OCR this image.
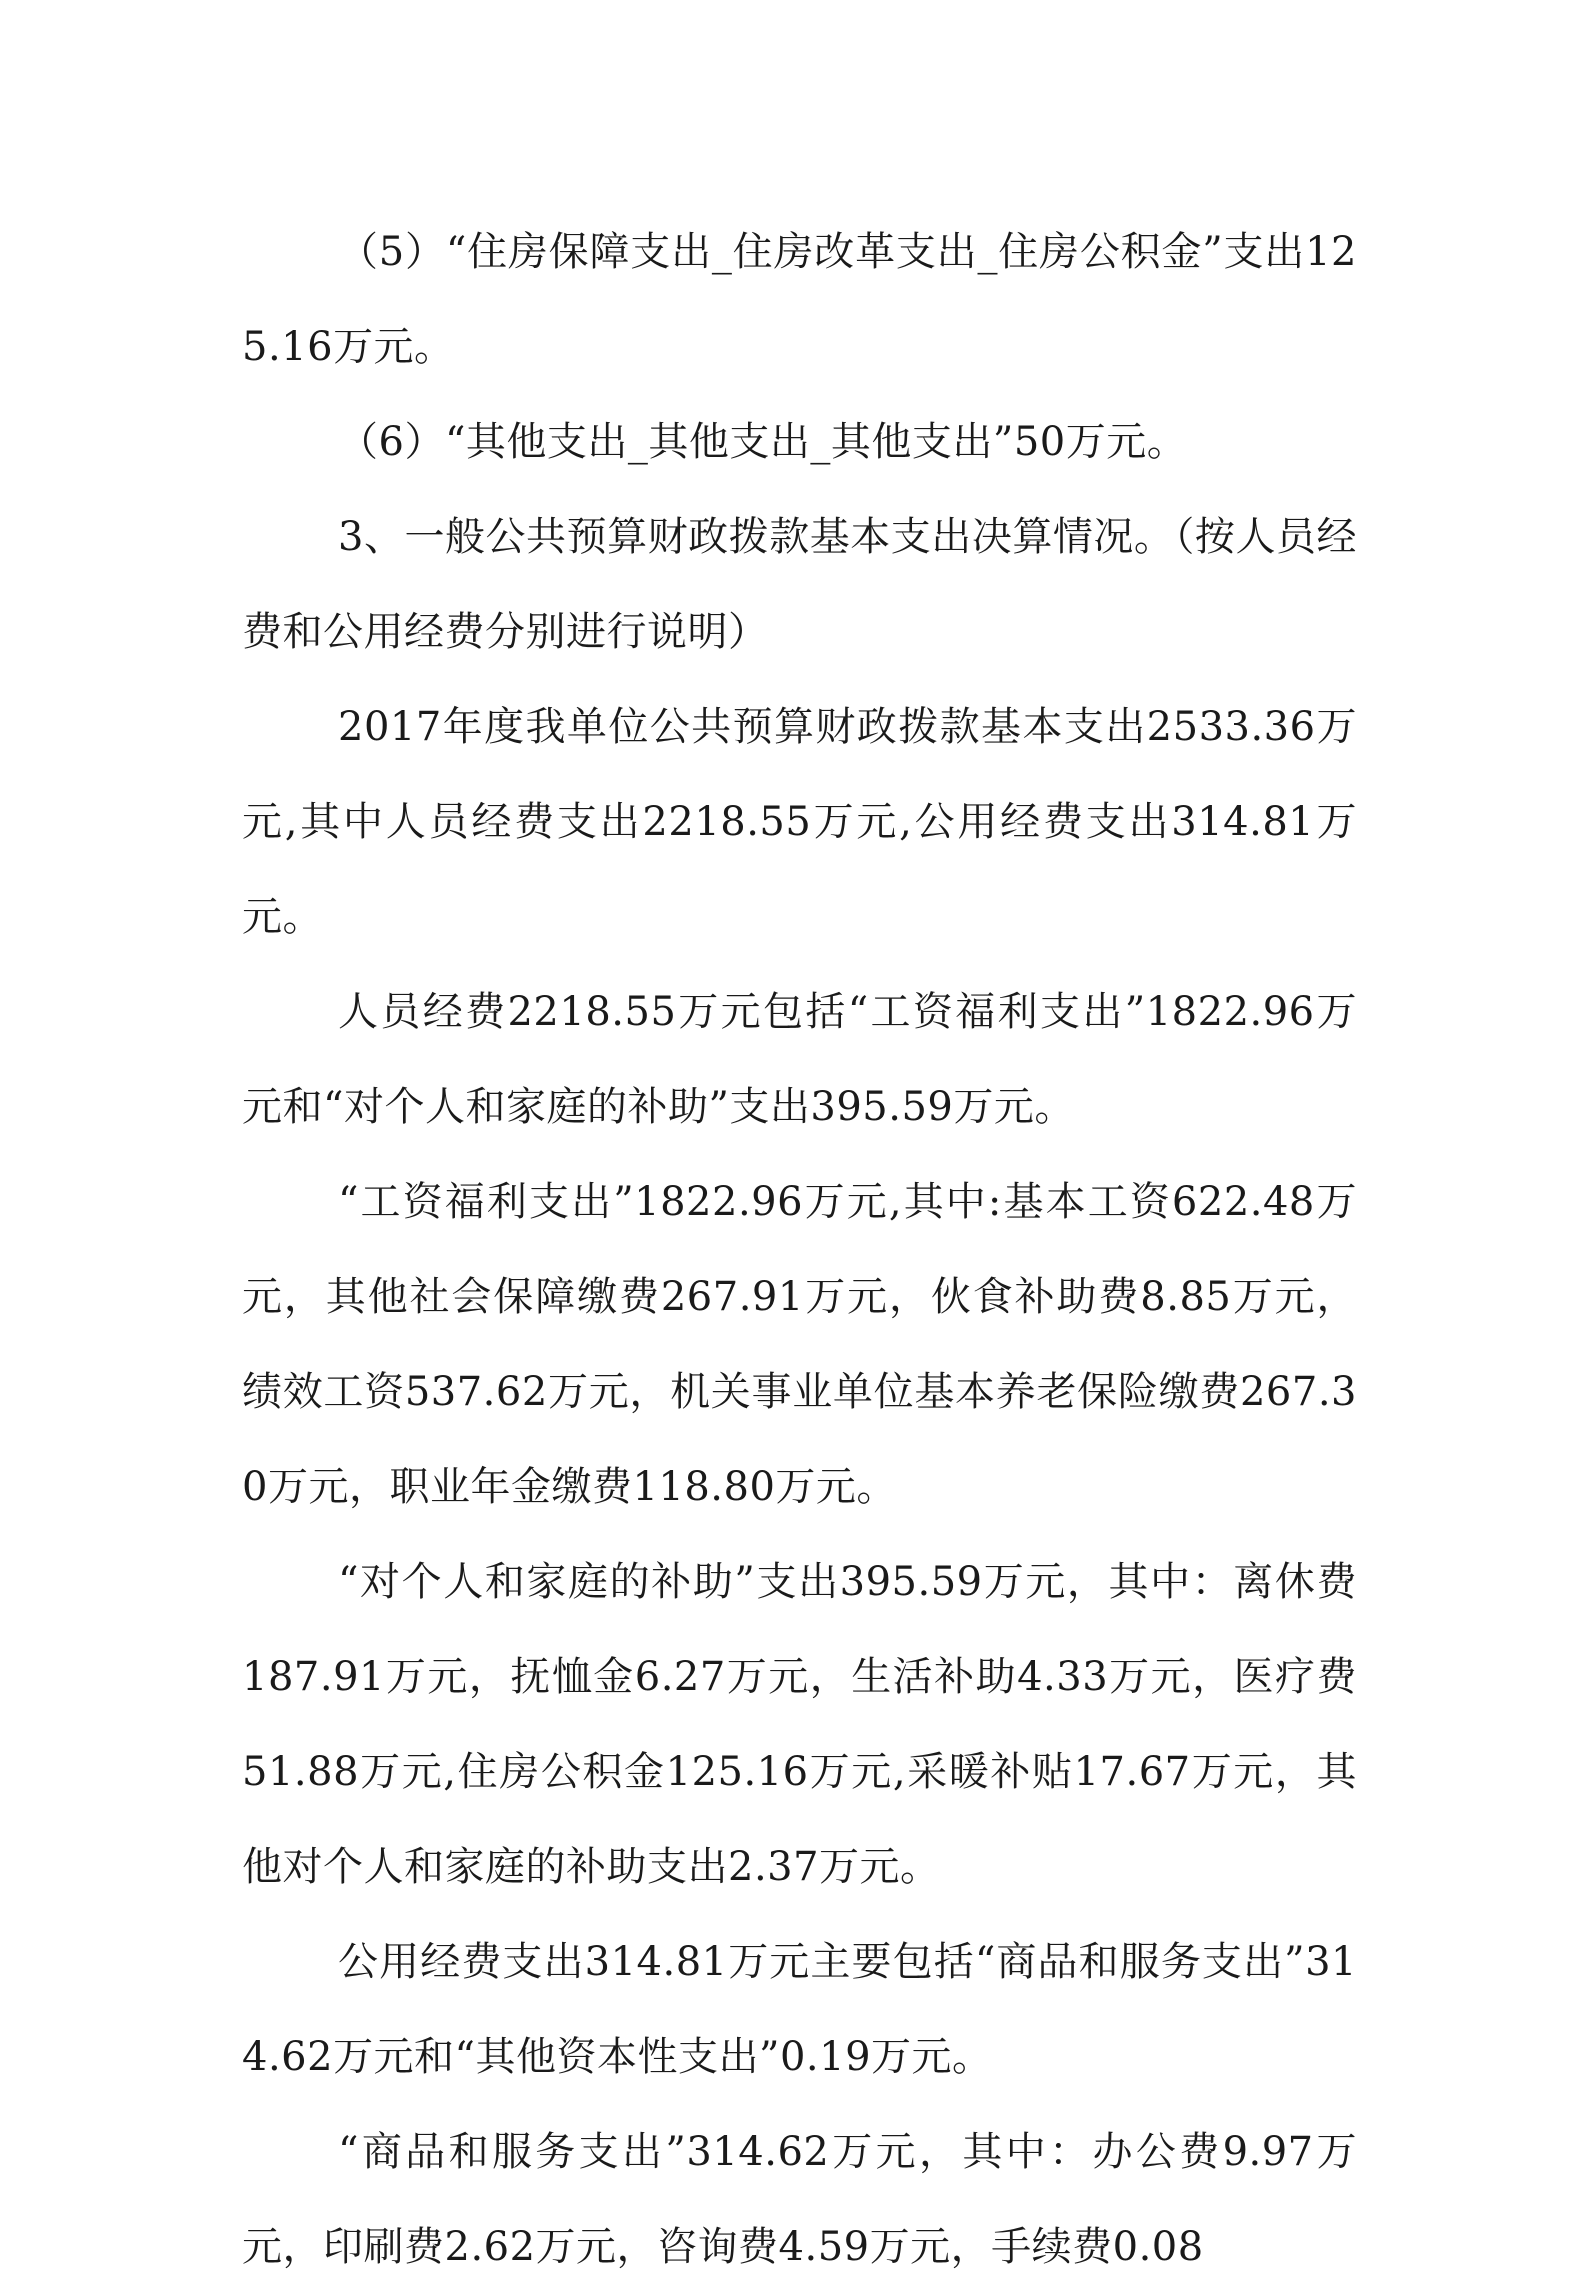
（5）“住房保障支出_住房改革支出_住房公积金”支出125.16万元。

（6）“其他支出_其他支出_其他支出”50万元。

3、一般公共预算财政拨款基本支出决算情况。（按人员经费和公用经费分别进行说明）

2017年度我单位公共预算财政拨款基本支出2533.36万元,其中人员经费支出2218.55万元,公用经费支出314.81万元。

人员经费2218.55万元包括“工资福利支出”1822.96万元和“对个人和家庭的补助”支出395.59万元。

“工资福利支出”1822.96万元,其中:基本工资622.48万元，其他社会保障缴费267.91万元，伙食补助费8.85万元，绩效工资537.62万元，机关事业单位基本养老保险缴费267.30万元，职业年金缴费118.80万元。

“对个人和家庭的补助”支出395.59万元，其中：离休费187.91万元，抚恤金6.27万元，生活补助4.33万元，医疗费51.88万元,住房公积金125.16万元,采暖补贴17.67万元，其他对个人和家庭的补助支出2.37万元。

公用经费支出314.81万元主要包括“商品和服务支出”314.62万元和“其他资本性支出”0.19万元。

“商品和服务支出”314.62万元，其中：办公费9.97万元，印刷费2.62万元，咨询费4.59万元，手续费0.08
